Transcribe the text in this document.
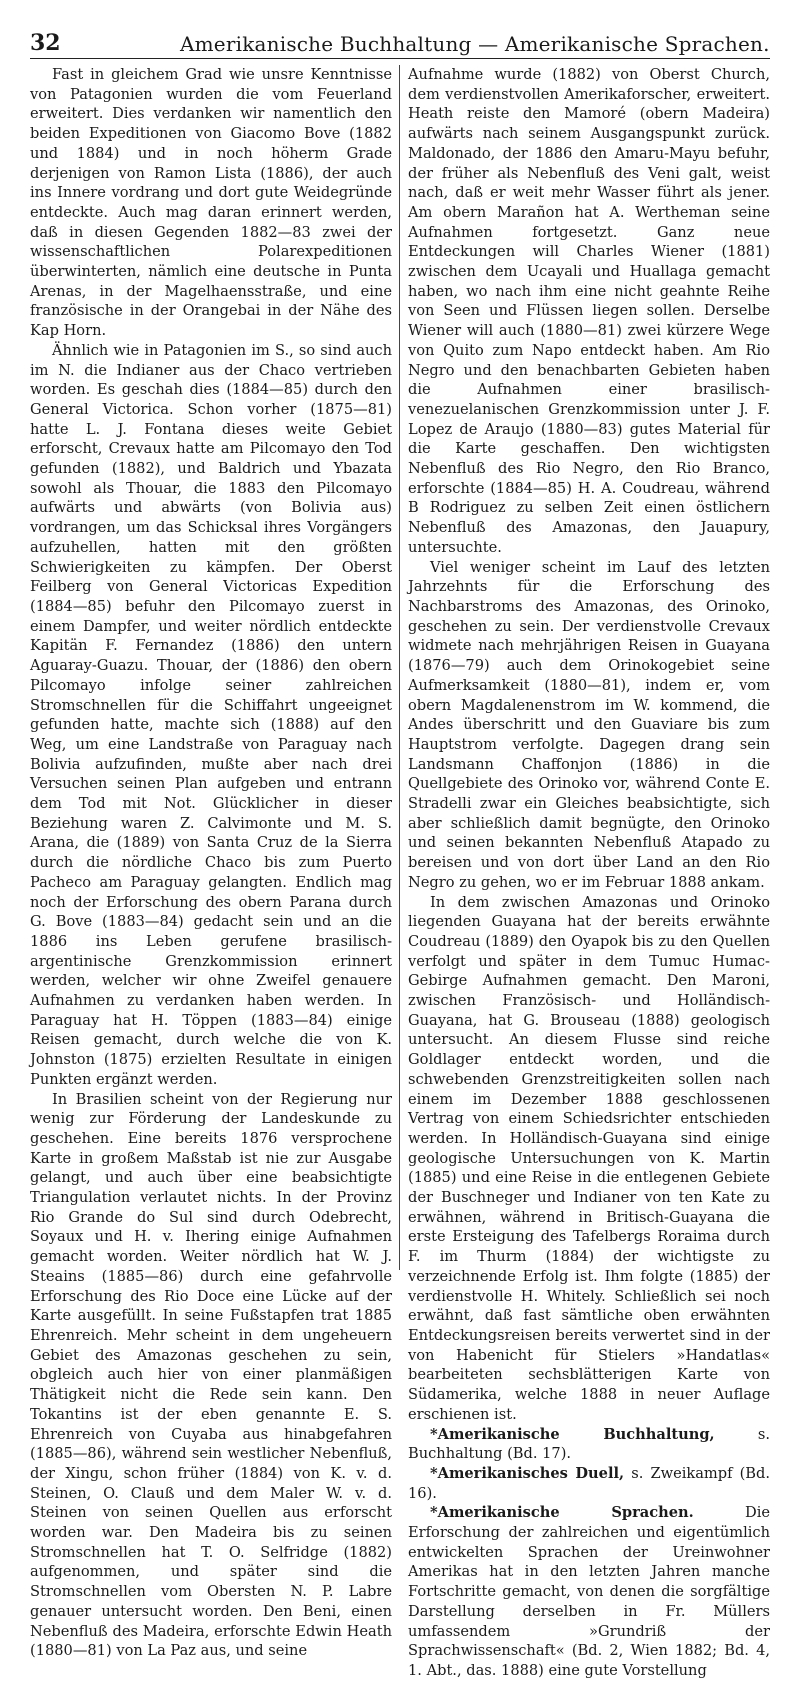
32	Amerikanische Buchhaltung — Amerikanische Sprachen.

Fast in gleichem Grad wie unsre Kenntnisse von Patagonien wurden die vom Feuerland erweitert. Dies verdanken wir namentlich den beiden Expeditionen von Giacomo Bove (1882 und 1884) und in noch höherm Grade derjenigen von Ramon Lista (1886), der auch ins Innere vordrang und dort gute Weidegründe entdeckte. Auch mag daran erinnert werden, daß in diesen Gegenden 1882—83 zwei der wissenschaftlichen Polarexpeditionen überwinterten, nämlich eine deutsche in Punta Arenas, in der Magelhaensstraße, und eine französische in der Orangebai in der Nähe des Kap Horn.

Ähnlich wie in Patagonien im S., so sind auch im N. die Indianer aus der Chaco vertrieben worden. Es geschah dies (1884—85) durch den General Victorica. Schon vorher (1875—81) hatte L. J. Fontana dieses weite Gebiet erforscht, Crevaux hatte am Pilcomayo den Tod gefunden (1882), und Baldrich und Ybazata sowohl als Thouar, die 1883 den Pilcomayo aufwärts und abwärts (von Bolivia aus) vordrangen, um das Schicksal ihres Vorgängers aufzuhellen, hatten mit den größten Schwierigkeiten zu kämpfen. Der Oberst Feilberg von General Victoricas Expedition (1884—85) befuhr den Pilcomayo zuerst in einem Dampfer, und weiter nördlich entdeckte Kapitän F. Fernandez (1886) den untern Aguaray-Guazu. Thouar, der (1886) den obern Pilcomayo infolge seiner zahlreichen Stromschnellen für die Schiffahrt ungeeignet gefunden hatte, machte sich (1888) auf den Weg, um eine Landstraße von Paraguay nach Bolivia aufzufinden, mußte aber nach drei Versuchen seinen Plan aufgeben und entrann dem Tod mit Not. Glücklicher in dieser Beziehung waren Z. Calvimonte und M. S. Arana, die (1889) von Santa Cruz de la Sierra durch die nördliche Chaco bis zum Puerto Pacheco am Paraguay gelangten. Endlich mag noch der Erforschung des obern Parana durch G. Bove (1883—84) gedacht sein und an die 1886 ins Leben gerufene brasilisch-argentinische Grenzkommission erinnert werden, welcher wir ohne Zweifel genauere Aufnahmen zu verdanken haben werden. In Paraguay hat H. Töppen (1883—84) einige Reisen gemacht, durch welche die von K. Johnston (1875) erzielten Resultate in einigen Punkten ergänzt werden.

In Brasilien scheint von der Regierung nur wenig zur Förderung der Landeskunde zu geschehen. Eine bereits 1876 versprochene Karte in großem Maßstab ist nie zur Ausgabe gelangt, und auch über eine beabsichtigte Triangulation verlautet nichts. In der Provinz Rio Grande do Sul sind durch Odebrecht, Soyaux und H. v. Ihering einige Aufnahmen gemacht worden. Weiter nördlich hat W. J. Steains (1885—86) durch eine gefahrvolle Erforschung des Rio Doce eine Lücke auf der Karte ausgefüllt. In seine Fußstapfen trat 1885 Ehrenreich. Mehr scheint in dem ungeheuern Gebiet des Amazonas geschehen zu sein, obgleich auch hier von einer planmäßigen Thätigkeit nicht die Rede sein kann. Den Tokantins ist der eben genannte E. S. Ehrenreich von Cuyaba aus hinabgefahren (1885—86), während sein westlicher Nebenfluß, der Xingu, schon früher (1884) von K. v. d. Steinen, O. Clauß und dem Maler W. v. d. Steinen von seinen Quellen aus erforscht worden war. Den Madeira bis zu seinen Stromschnellen hat T. O. Selfridge (1882) aufgenommen, und später sind die Stromschnellen vom Obersten N. P. Labre genauer untersucht worden. Den Beni, einen Nebenfluß des Madeira, erforschte Edwin Heath (1880—81) von La Paz aus, und seine

Aufnahme wurde (1882) von Oberst Church, dem verdienstvollen Amerikaforscher, erweitert. Heath reiste den Mamoré (obern Madeira) aufwärts nach seinem Ausgangspunkt zurück. Maldonado, der 1886 den Amaru-Mayu befuhr, der früher als Nebenfluß des Veni galt, weist nach, daß er weit mehr Wasser führt als jener. Am obern Marañon hat A. Wertheman seine Aufnahmen fortgesetzt. Ganz neue Entdeckungen will Charles Wiener (1881) zwischen dem Ucayali und Huallaga gemacht haben, wo nach ihm eine nicht geahnte Reihe von Seen und Flüssen liegen sollen. Derselbe Wiener will auch (1880—81) zwei kürzere Wege von Quito zum Napo entdeckt haben. Am Rio Negro und den benachbarten Gebieten haben die Aufnahmen einer brasilisch-venezuelanischen Grenzkommission unter J. F. Lopez de Araujo (1880—83) gutes Material für die Karte geschaffen. Den wichtigsten Nebenfluß des Rio Negro, den Rio Branco, erforschte (1884—85) H. A. Coudreau, während B Rodriguez zu selben Zeit einen östlichern Nebenfluß des Amazonas, den Jauapury, untersuchte.

Viel weniger scheint im Lauf des letzten Jahrzehnts für die Erforschung des Nachbarstroms des Amazonas, des Orinoko, geschehen zu sein. Der verdienstvolle Crevaux widmete nach mehrjährigen Reisen in Guayana (1876—79) auch dem Orinokogebiet seine Aufmerksamkeit (1880—81), indem er, vom obern Magdalenenstrom im W. kommend, die Andes überschritt und den Guaviare bis zum Hauptstrom verfolgte. Dagegen drang sein Landsmann Chaffonjon (1886) in die Quellgebiete des Orinoko vor, während Conte E. Stradelli zwar ein Gleiches beabsichtigte, sich aber schließlich damit begnügte, den Orinoko und seinen bekannten Nebenfluß Atapado zu bereisen und von dort über Land an den Rio Negro zu gehen, wo er im Februar 1888 ankam.

In dem zwischen Amazonas und Orinoko liegenden Guayana hat der bereits erwähnte Coudreau (1889) den Oyapok bis zu den Quellen verfolgt und später in dem Tumuc Humac-Gebirge Aufnahmen gemacht. Den Maroni, zwischen Französisch- und Holländisch-Guayana, hat G. Brouseau (1888) geologisch untersucht. An diesem Flusse sind reiche Goldlager entdeckt worden, und die schwebenden Grenzstreitigkeiten sollen nach einem im Dezember 1888 geschlossenen Vertrag von einem Schiedsrichter entschieden werden. In Holländisch-Guayana sind einige geologische Untersuchungen von K. Martin (1885) und eine Reise in die entlegenen Gebiete der Buschneger und Indianer von ten Kate zu erwähnen, während in Britisch-Guayana die erste Ersteigung des Tafelbergs Roraima durch F. im Thurm (1884) der wichtigste zu verzeichnende Erfolg ist. Ihm folgte (1885) der verdienstvolle H. Whitely. Schließlich sei noch erwähnt, daß fast sämtliche oben erwähnten Entdeckungsreisen bereits verwertet sind in der von Habenicht für Stielers »Handatlas« bearbeiteten sechsblätterigen Karte von Südamerika, welche 1888 in neuer Auflage erschienen ist.

*Amerikanische Buchhaltung,	s. Buchhaltung (Bd. 17).

*Amerikanisches Duell, s. Zweikampf (Bd. 16).

*Amerikanische Sprachen.	Die Erforschung der zahlreichen und eigentümlich entwickelten Sprachen der Ureinwohner Amerikas hat in den letzten Jahren manche Fortschritte gemacht, von denen die sorgfältige Darstellung derselben in Fr. Müllers umfassendem »Grundriß der Sprachwissenschaft« (Bd. 2, Wien 1882; Bd. 4, 1. Abt., das. 1888) eine gute Vorstellung
